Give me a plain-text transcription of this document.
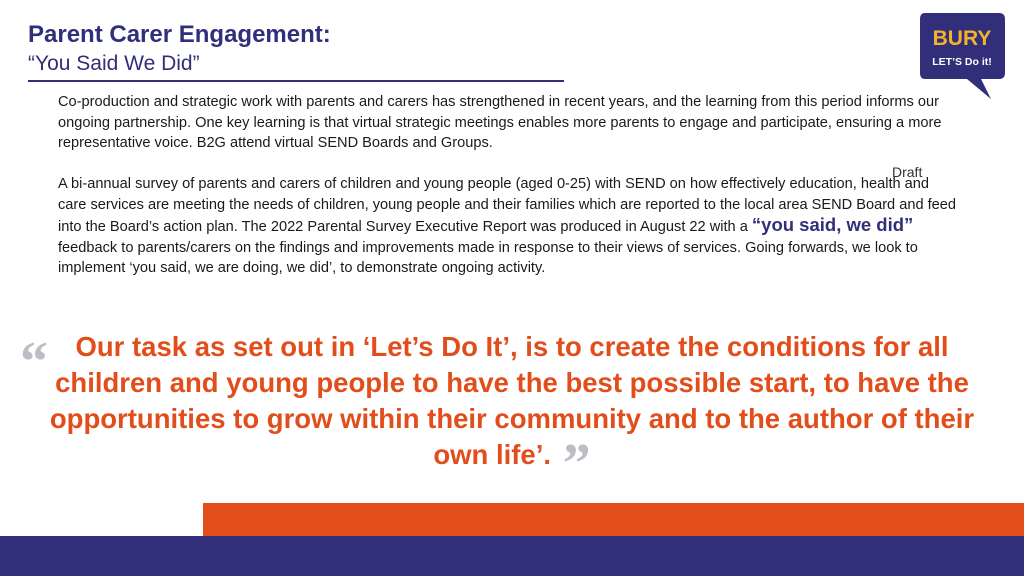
Parent Carer Engagement:
“You Said We Did”
BURY
LET’S Do it!
Co-production and strategic work with parents and carers has strengthened in recent years, and the learning from this period informs our ongoing partnership. One key learning is that virtual strategic meetings enables more parents to engage and participate, ensuring a more representative voice. B2G attend virtual SEND Boards and Groups.
Draft
A bi-annual survey of parents and carers of children and young people (aged 0-25) with SEND on how effectively education, health and care services are meeting the needs of children, young people and their families which are reported to the local area SEND Board and feed into the Board’s action plan. The 2022 Parental Survey Executive Report was produced in August 22 with a “you said, we did” feedback to parents/carers on the findings and improvements made in response to their views of services. Going forwards, we look to implement ‘you said, we are doing, we did’, to demonstrate ongoing activity.
“ Our task as set out in ‘Let’s Do It’, is to create the conditions for all children and young people to have the best possible start, to have the opportunities to grow within their community and to the author of their own life’. ”
